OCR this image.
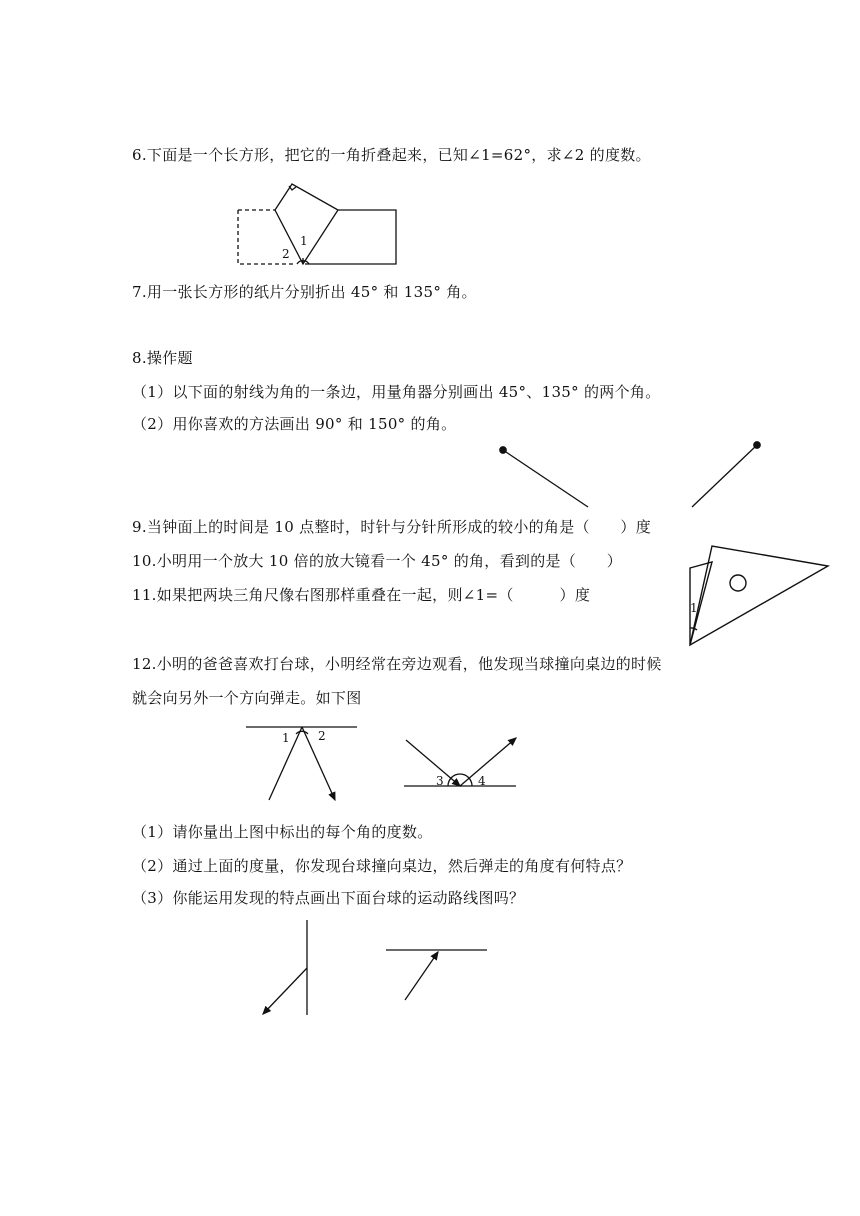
6.下面是一个长方形，把它的一角折叠起来，已知∠1=62°，求∠2 的度数。
7.用一张长方形的纸片分别折出 45° 和 135° 角。
8.操作题
（1）以下面的射线为角的一条边，用量角器分别画出 45°、135° 的两个角。
（2）用你喜欢的方法画出 90° 和 150° 的角。
9.当钟面上的时间是 10 点整时，时针与分针所形成的较小的角是（　　）度
10.小明用一个放大 10 倍的放大镜看一个 45° 的角，看到的是（　　）
11.如果把两块三角尺像右图那样重叠在一起，则∠1=（　　　）度
12.小明的爸爸喜欢打台球，小明经常在旁边观看，他发现当球撞向桌边的时候
就会向另外一个方向弹走。如下图
（1）请你量出上图中标出的每个角的度数。
（2）通过上面的度量，你发现台球撞向桌边，然后弹走的角度有何特点？
（3）你能运用发现的特点画出下面台球的运动路线图吗？
1
2
1
1 2
3	4
